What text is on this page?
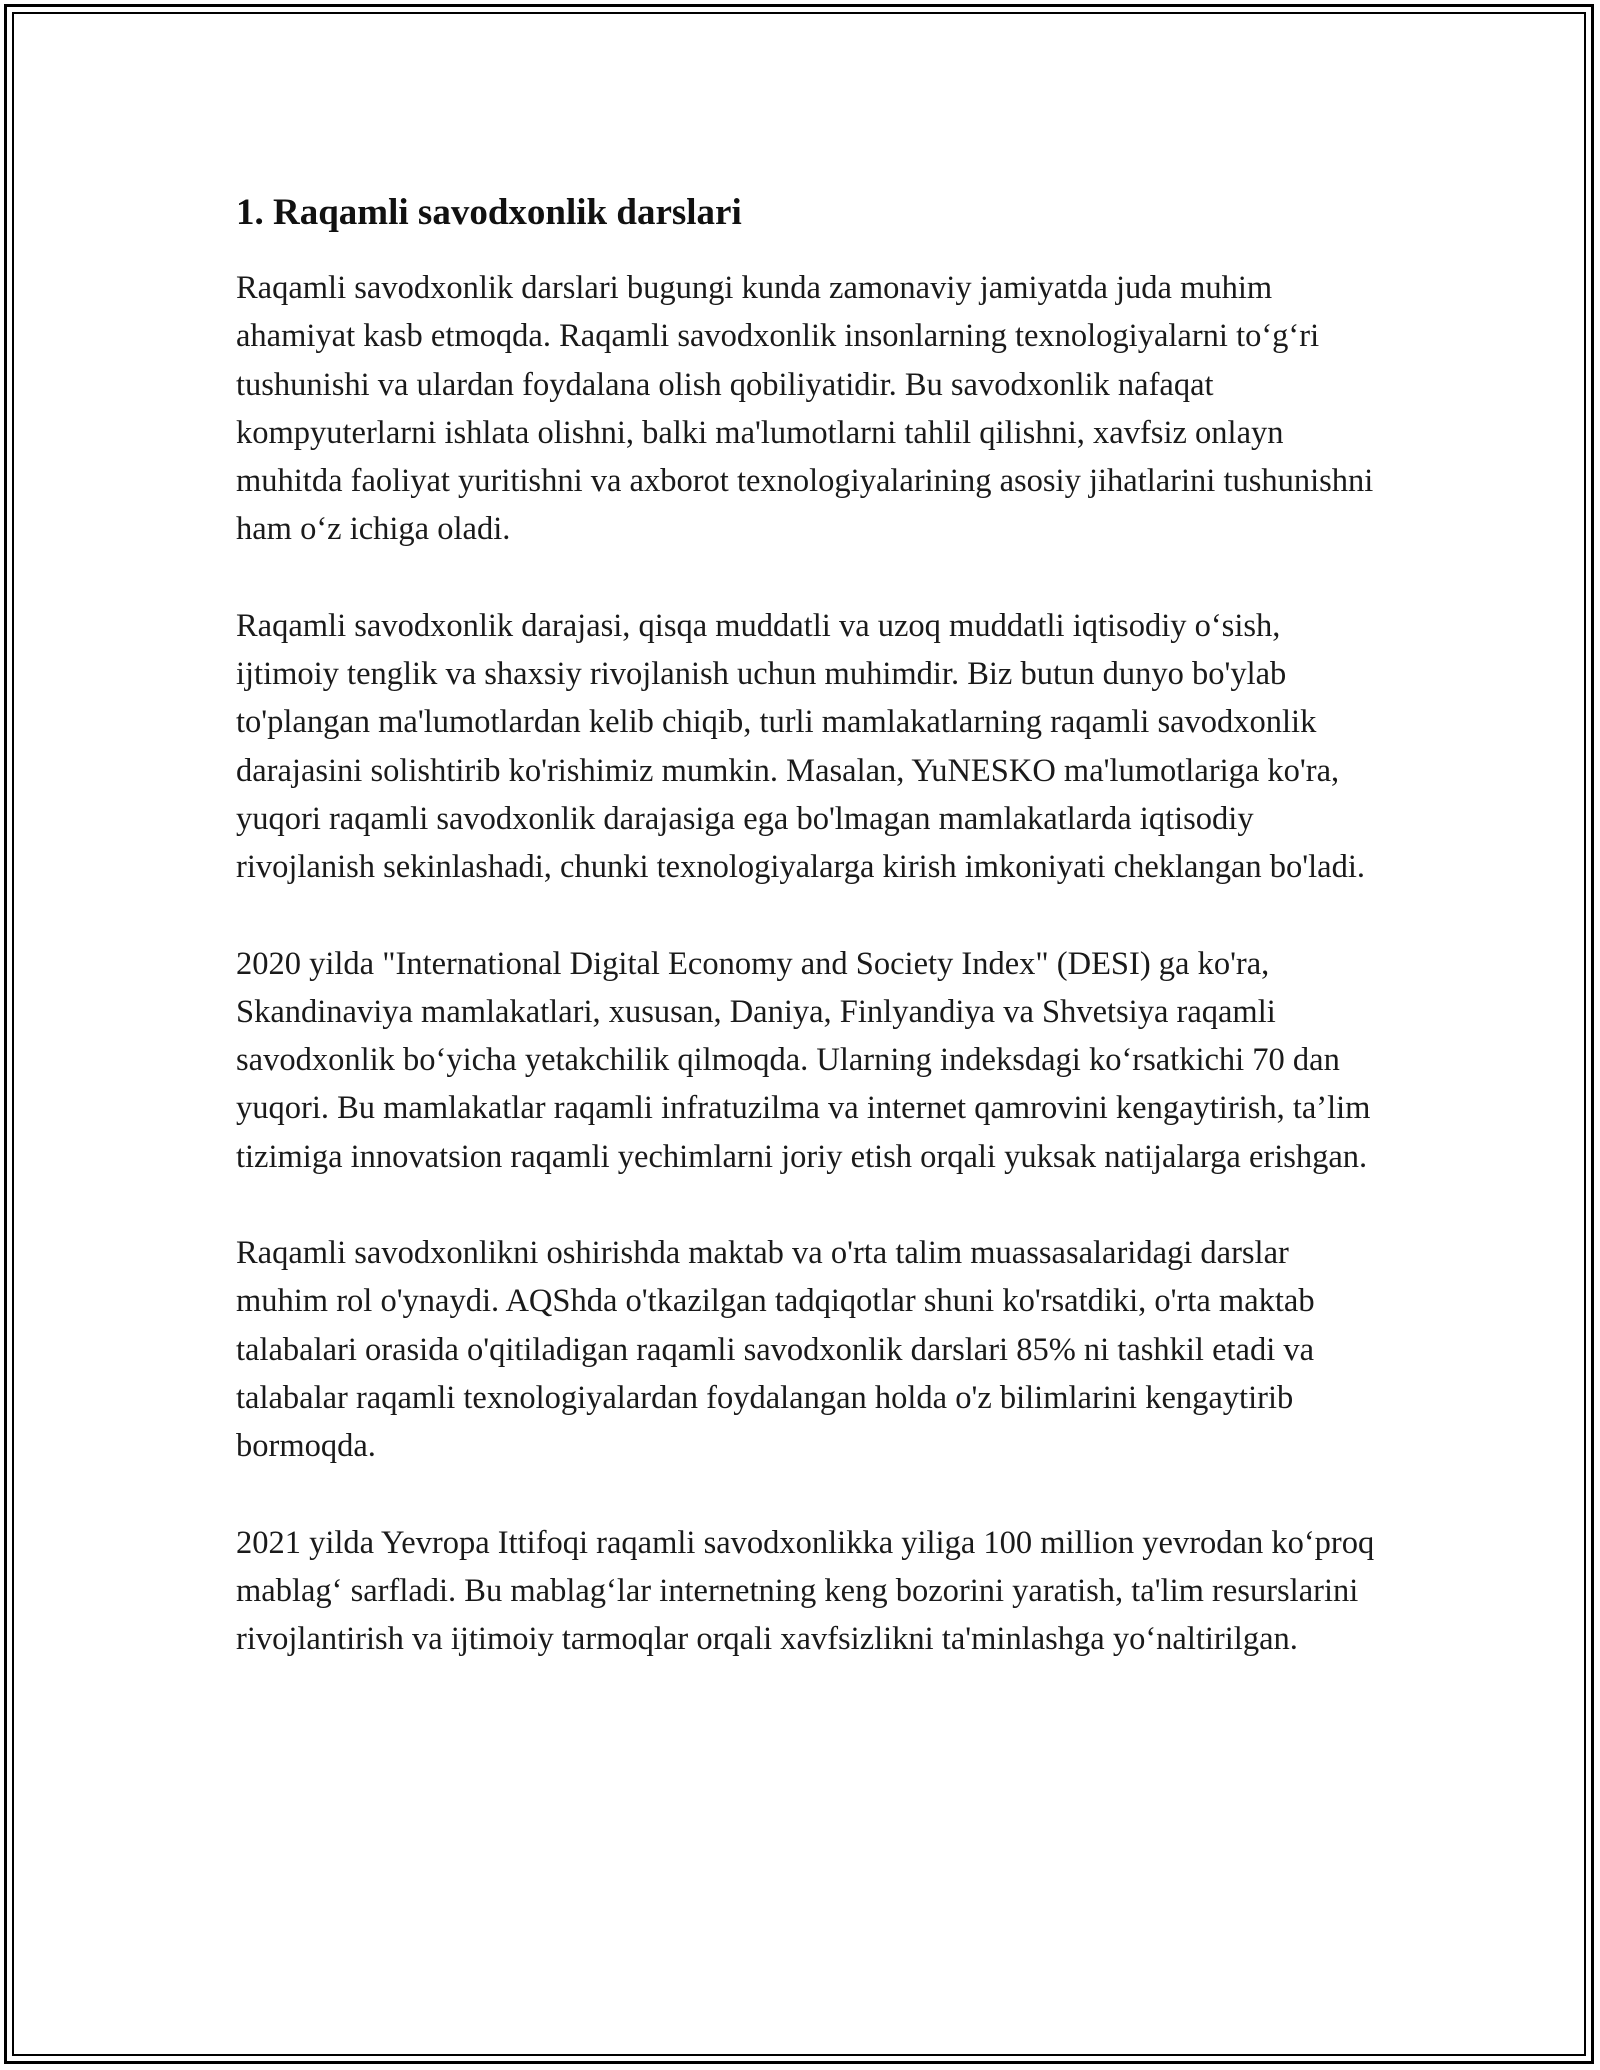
1. Raqamli savodxonlik darslari

Raqamli savodxonlik darslari bugungi kunda zamonaviy jamiyatda juda muhim ahamiyat kasb etmoqda. Raqamli savodxonlik insonlarning texnologiyalarni to‘g‘ri tushunishi va ulardan foydalana olish qobiliyatidir. Bu savodxonlik nafaqat kompyuterlarni ishlata olishni, balki ma'lumotlarni tahlil qilishni, xavfsiz onlayn muhitda faoliyat yuritishni va axborot texnologiyalarining asosiy jihatlarini tushunishni ham o‘z ichiga oladi.

Raqamli savodxonlik darajasi, qisqa muddatli va uzoq muddatli iqtisodiy o‘sish, ijtimoiy tenglik va shaxsiy rivojlanish uchun muhimdir. Biz butun dunyo bo'ylab to'plangan ma'lumotlardan kelib chiqib, turli mamlakatlarning raqamli savodxonlik darajasini solishtirib ko'rishimiz mumkin. Masalan, YuNESKO ma'lumotlariga ko'ra, yuqori raqamli savodxonlik darajasiga ega bo'lmagan mamlakatlarda iqtisodiy rivojlanish sekinlashadi, chunki texnologiyalarga kirish imkoniyati cheklangan bo'ladi.

2020 yilda "International Digital Economy and Society Index" (DESI) ga ko'ra, Skandinaviya mamlakatlari, xususan, Daniya, Finlyandiya va Shvetsiya raqamli savodxonlik bo‘yicha yetakchilik qilmoqda. Ularning indeksdagi ko‘rsatkichi 70 dan yuqori. Bu mamlakatlar raqamli infratuzilma va internet qamrovini kengaytirish, ta’lim tizimiga innovatsion raqamli yechimlarni joriy etish orqali yuksak natijalarga erishgan.

Raqamli savodxonlikni oshirishda maktab va o'rta talim muassasalaridagi darslar muhim rol o'ynaydi. AQShda o'tkazilgan tadqiqotlar shuni ko'rsatdiki, o'rta maktab talabalari orasida o'qitiladigan raqamli savodxonlik darslari 85% ni tashkil etadi va talabalar raqamli texnologiyalardan foydalangan holda o'z bilimlarini kengaytirib bormoqda.

2021 yilda Yevropa Ittifoqi raqamli savodxonlikka yiliga 100 million yevrodan ko‘proq mablag‘ sarfladi. Bu mablag‘lar internetning keng bozorini yaratish, ta'lim resurslarini rivojlantirish va ijtimoiy tarmoqlar orqali xavfsizlikni ta'minlashga yo‘naltirilgan.
